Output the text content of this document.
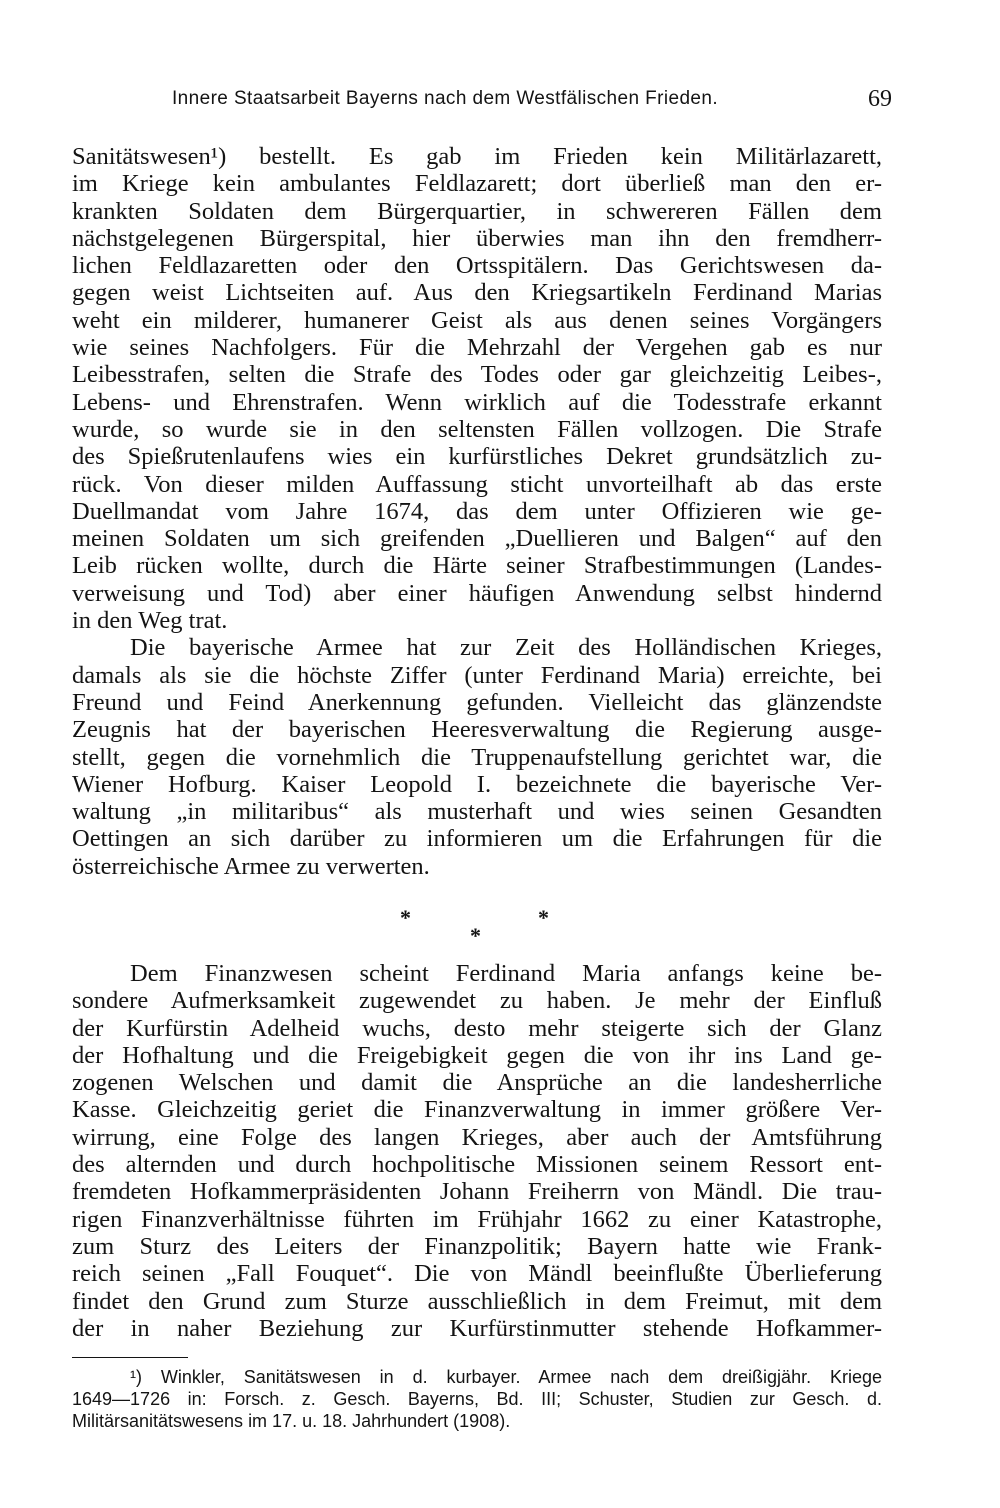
Innere Staatsarbeit Bayerns nach dem Westfälischen Frieden.	69
Sanitätswesen¹) bestellt. Es gab im Frieden kein Militärlazarett,
im Kriege kein ambulantes Feldlazarett; dort überließ man den er-
krankten Soldaten dem Bürgerquartier, in schwereren Fällen dem
nächstgelegenen Bürgerspital, hier überwies man ihn den fremdherr-
lichen Feldlazaretten oder den Ortsspitälern. Das Gerichtswesen da-
gegen weist Lichtseiten auf. Aus den Kriegsartikeln Ferdinand Marias
weht ein milderer, humanerer Geist als aus denen seines Vorgängers
wie seines Nachfolgers. Für die Mehrzahl der Vergehen gab es nur
Leibesstrafen, selten die Strafe des Todes oder gar gleichzeitig Leibes-,
Lebens- und Ehrenstrafen. Wenn wirklich auf die Todesstrafe erkannt
wurde, so wurde sie in den seltensten Fällen vollzogen. Die Strafe
des Spießrutenlaufens wies ein kurfürstliches Dekret grundsätzlich zu-
rück. Von dieser milden Auffassung sticht unvorteilhaft ab das erste
Duellmandat vom Jahre 1674, das dem unter Offizieren wie ge-
meinen Soldaten um sich greifenden „Duellieren und Balgen“ auf den
Leib rücken wollte, durch die Härte seiner Strafbestimmungen (Landes-
verweisung und Tod) aber einer häufigen Anwendung selbst hindernd
in den Weg trat.
Die bayerische Armee hat zur Zeit des Holländischen Krieges,
damals als sie die höchste Ziffer (unter Ferdinand Maria) erreichte, bei
Freund und Feind Anerkennung gefunden. Vielleicht das glänzendste
Zeugnis hat der bayerischen Heeresverwaltung die Regierung ausge-
stellt, gegen die vornehmlich die Truppenaufstellung gerichtet war, die
Wiener Hofburg. Kaiser Leopold I. bezeichnete die bayerische Ver-
waltung „in militaribus“ als musterhaft und wies seinen Gesandten
Oettingen an sich darüber zu informieren um die Erfahrungen für die
österreichische Armee zu verwerten.
*	*
*
Dem Finanzwesen scheint Ferdinand Maria anfangs keine be-
sondere Aufmerksamkeit zugewendet zu haben. Je mehr der Einfluß
der Kurfürstin Adelheid wuchs, desto mehr steigerte sich der Glanz
der Hofhaltung und die Freigebigkeit gegen die von ihr ins Land ge-
zogenen Welschen und damit die Ansprüche an die landesherrliche
Kasse. Gleichzeitig geriet die Finanzverwaltung in immer größere Ver-
wirrung, eine Folge des langen Krieges, aber auch der Amtsführung
des alternden und durch hochpolitische Missionen seinem Ressort ent-
fremdeten Hofkammerpräsidenten Johann Freiherrn von Mändl. Die trau-
rigen Finanzverhältnisse führten im Frühjahr 1662 zu einer Katastrophe,
zum Sturz des Leiters der Finanzpolitik; Bayern hatte wie Frank-
reich seinen „Fall Fouquet“. Die von Mändl beeinflußte Überlieferung
findet den Grund zum Sturze ausschließlich in dem Freimut, mit dem
der in naher Beziehung zur Kurfürstinmutter stehende Hofkammer-
¹) Winkler, Sanitätswesen in d. kurbayer. Armee nach dem dreißigjähr. Kriege
1649—1726 in: Forsch. z. Gesch. Bayerns, Bd. III; Schuster, Studien zur Gesch. d.
Militärsanitätswesens im 17. u. 18. Jahrhundert (1908).
